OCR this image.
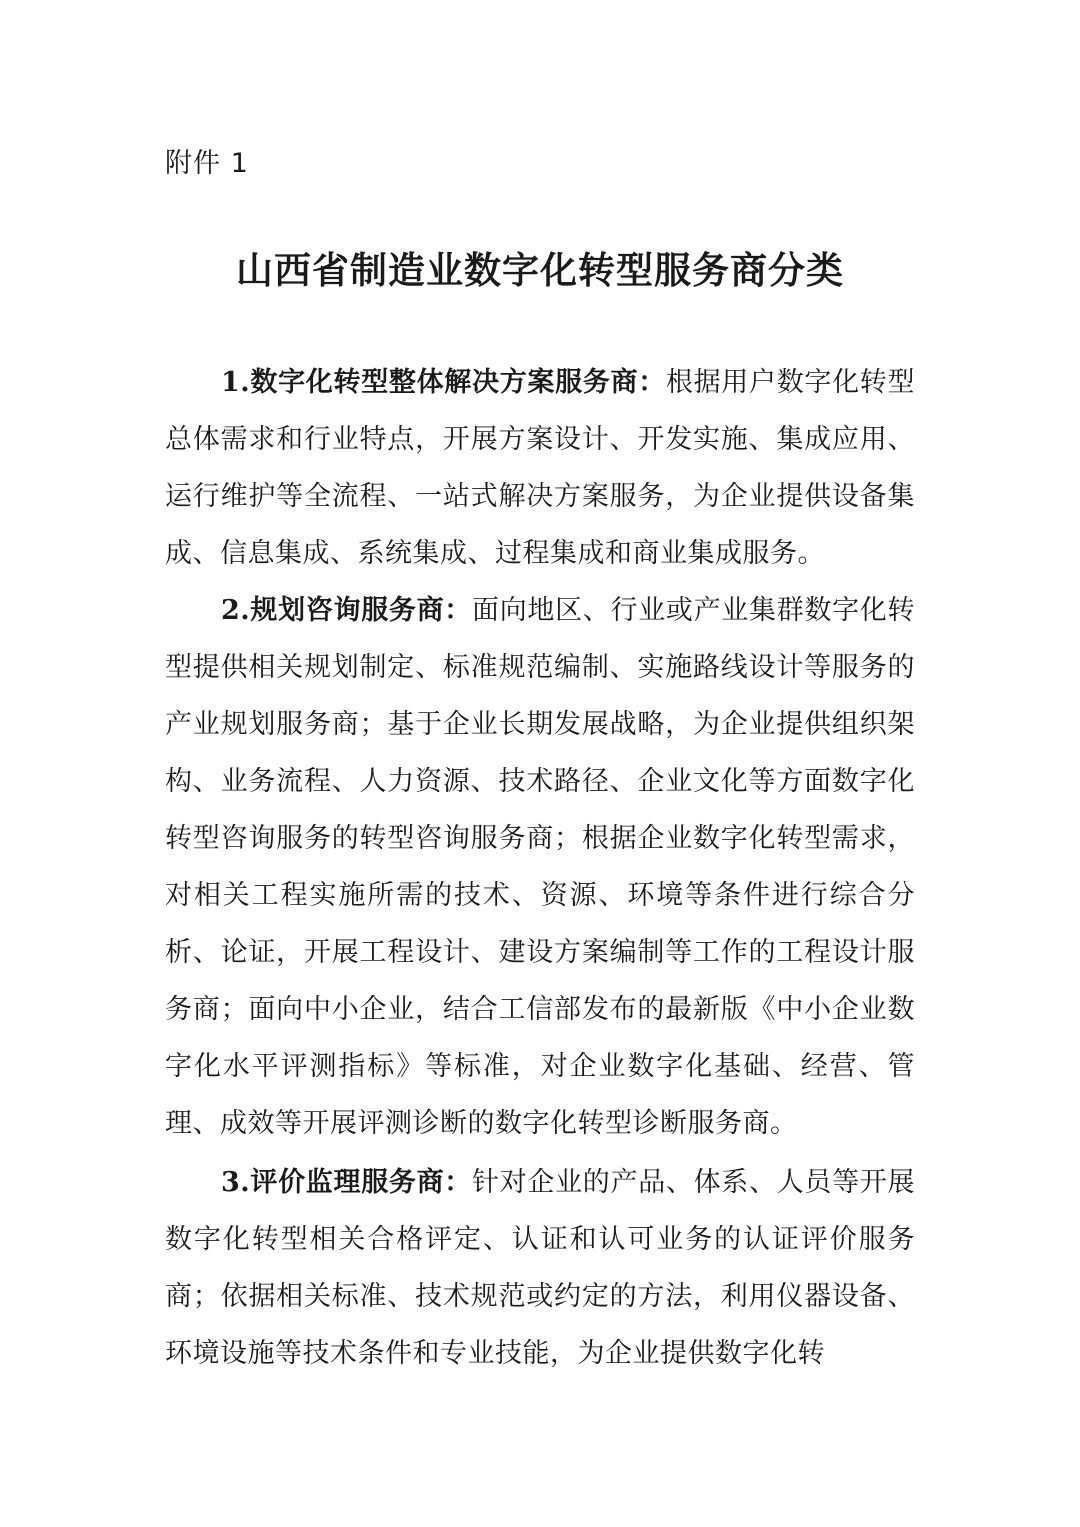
附件 1
山西省制造业数字化转型服务商分类

1.数字化转型整体解决方案服务商：根据用户数字化转型总体需求和行业特点，开展方案设计、开发实施、集成应用、运行维护等全流程、一站式解决方案服务，为企业提供设备集成、信息集成、系统集成、过程集成和商业集成服务。

2.规划咨询服务商：面向地区、行业或产业集群数字化转型提供相关规划制定、标准规范编制、实施路线设计等服务的产业规划服务商；基于企业长期发展战略，为企业提供组织架构、业务流程、人力资源、技术路径、企业文化等方面数字化转型咨询服务的转型咨询服务商；根据企业数字化转型需求，对相关工程实施所需的技术、资源、环境等条件进行综合分析、论证，开展工程设计、建设方案编制等工作的工程设计服务商；面向中小企业，结合工信部发布的最新版《中小企业数字化水平评测指标》等标准，对企业数字化基础、经营、管理、成效等开展评测诊断的数字化转型诊断服务商。

3.评价监理服务商：针对企业的产品、体系、人员等开展数字化转型相关合格评定、认证和认可业务的认证评价服务商；依据相关标准、技术规范或约定的方法，利用仪器设备、环境设施等技术条件和专业技能，为企业提供数字化转
